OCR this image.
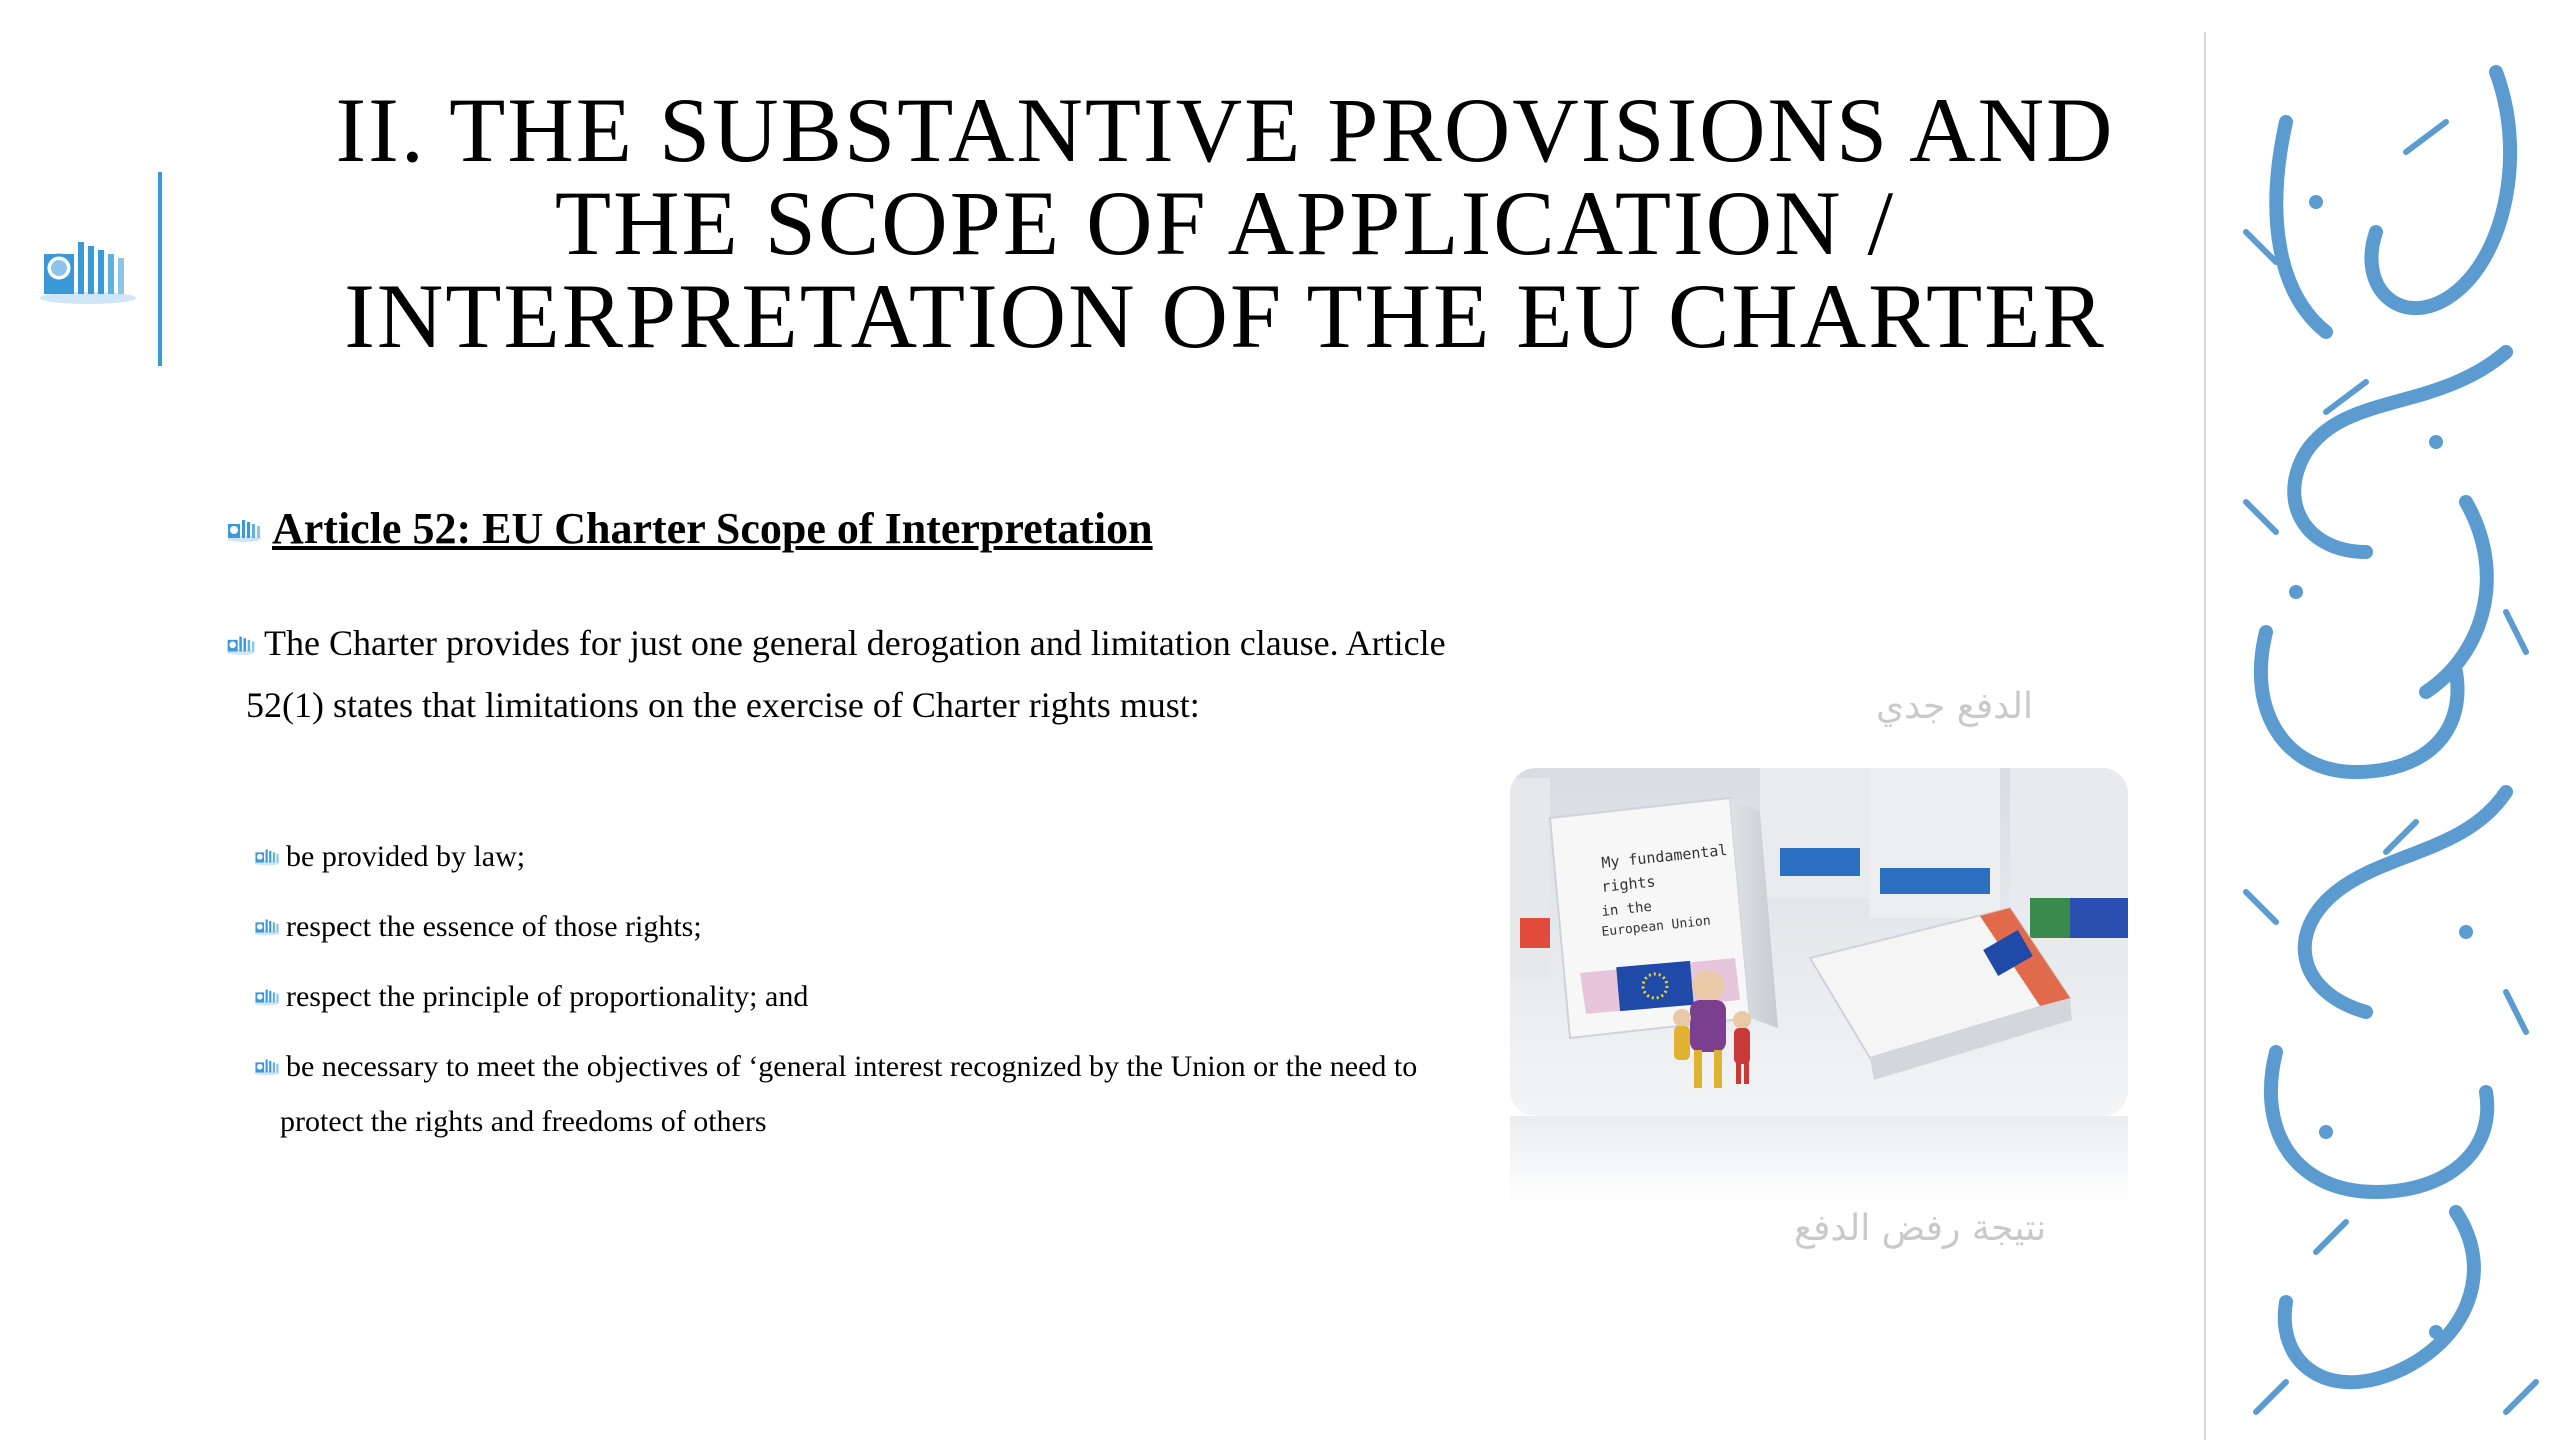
II. THE SUBSTANTIVE PROVISIONS AND
THE SCOPE OF APPLICATION /
INTERPRETATION OF THE EU CHARTER
Article 52: EU Charter Scope of Interpretation
The Charter provides for just one general derogation and limitation clause. Article
52(1) states that limitations on the exercise of Charter rights must:
be provided by law;
respect the essence of those rights;
respect the principle of proportionality; and
be necessary to meet the objectives of ‘general interest recognized by the Union or the need to
protect the rights and freedoms of others
الدفع جدي
My fundamental
rights
in the
European Union
نتيجة رفض الدفع
